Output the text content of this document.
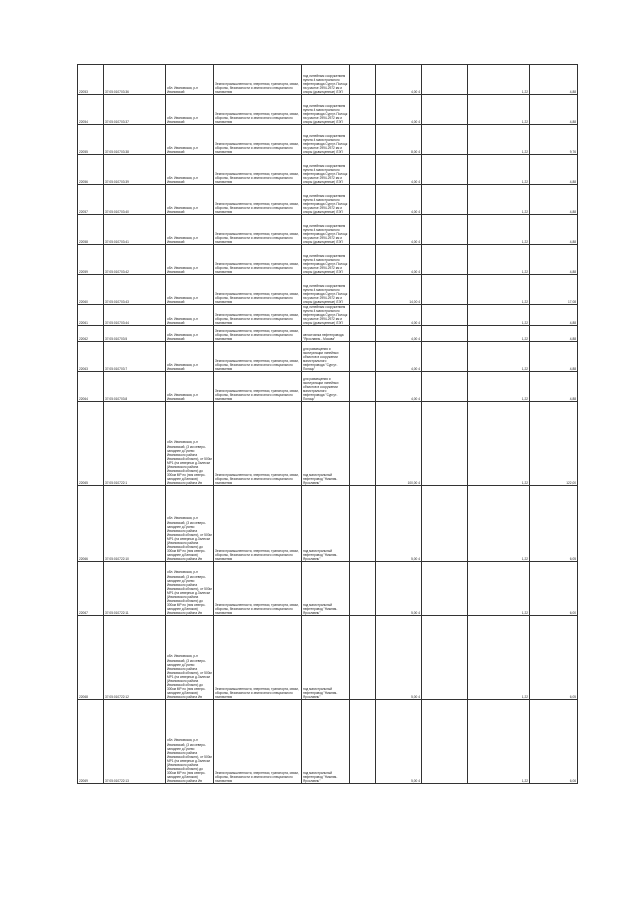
22053	37:05:010703:36	обл. Ивановская, р-н Ивановский	Земли промышленности, энергетики, транспорта, связи, обороны, безопасности и земли иного специального назначения	под линейным сооружением пункта 4 магистрального нефтепровода Сургут-Полоцк на участке 2994-2972 км и опоры (дьвжтцепные) ЛЭП		4,00 4		1,22	4,88
22054	37:05:010703:37	обл. Ивановская, р-н Ивановский	Земли промышленности, энергетики, транспорта, связи, обороны, безопасности и земли иного специального назначения	под линейным сооружением пункта 4 магистрального нефтепровода Сургут-Полоцк на участке 2994-2972 км и опоры (дьвжтцепные) ЛЭП		4,00 4		1,22	4,88
22055	37:05:010703:38	обл. Ивановская, р-н Ивановский	Земли промышленности, энергетики, транспорта, связи, обороны, безопасности и земли иного специального назначения	под линейным сооружением пункта 4 магистрального нефтепровода Сургут-Полоцк на участке 2994-2972 км и опоры (дьвжтцепные) ЛЭП		8,00 4		1,22	9,76
22056	37:05:010703:39	обл. Ивановская, р-н Ивановский	Земли промышленности, энергетики, транспорта, связи, обороны, безопасности и земли иного специального назначения	под линейным сооружением пункта 4 магистрального нефтепровода Сургут-Полоцк на участке 2994-2972 км и опоры (дьвжтцепные) ЛЭП		4,00 4		1,22	4,88
22057	37:05:010703:40	обл. Ивановская, р-н Ивановский	Земли промышленности, энергетики, транспорта, связи, обороны, безопасности и земли иного специального назначения	под линейным сооружением пункта 4 магистрального нефтепровода Сургут-Полоцк на участке 2994-2972 км и опоры (дьвжтцепные) ЛЭП		4,00 4		1,22	4,88
22058	37:05:010703:41	обл. Ивановская, р-н Ивановский	Земли промышленности, энергетики, транспорта, связи, обороны, безопасности и земли иного специального назначения	под линейным сооружением пункта 4 магистрального нефтепровода Сургут-Полоцк на участке 2994-2972 км и опоры (дьвжтцепные) ЛЭП		4,00 4		1,22	4,88
22059	37:05:010703:42	обл. Ивановская, р-н Ивановский	Земли промышленности, энергетики, транспорта, связи, обороны, безопасности и земли иного специального назначения	под линейным сооружением пункта 4 магистрального нефтепровода Сургут-Полоцк на участке 2994-2972 км и опоры (дьвжтцепные) ЛЭП		4,00 4		1,22	4,88
22060	37:05:010703:43	обл. Ивановская, р-н Ивановский	Земли промышленности, энергетики, транспорта, связи, обороны, безопасности и земли иного специального назначения	под линейным сооружением пункта 4 магистрального нефтепровода Сургут-Полоцк на участке 2994-2972 км и опоры (дьвжтцепные) ЛЭП		14,00 4		1,22	17,08
22061	37:05:010703:44	обл. Ивановская, р-н Ивановский	Земли промышленности, энергетики, транспорта, связи, обороны, безопасности и земли иного специального назначения	под линейным сооружением пункта 4 магистрального нефтепровода Сургут-Полоцк на участке 2994-2972 км и опоры (дьвжтцепные) ЛЭП		4,00 4		1,22	4,88
22062	37:05:010703:5	обл. Ивановская, р-н Ивановский	Земли промышленности, энергетики, транспорта, связи, обороны, безопасности и земли иного специального назначения	автостоянка нефтепровода "Ярославль - Москва"		4,00 4		1,22	4,88
22063	37:05:010703:7	обл. Ивановская, р-н Ивановский	Земли промышленности, энергетики, транспорта, связи, обороны, безопасности и земли иного специального назначения	для размещения и эксплуатации линейных объектов в сооружении магистрального нефтепровода "Сургут-Полоцк"		4,00 4		1,22	4,88
22064	37:05:010703:8	обл. Ивановская, р-н Ивановский	Земли промышленности, энергетики, транспорта, связи, обороны, безопасности и земли иного специального назначения	для размещения и эксплуатации линейных объектов в сооружении магистрального нефтепровода "Сургут-Полоцк"		4,00 4		1,22	4,88
22065	37:05:010722:1	обл. Ивановская, р-н Ивановский, (3 км северо-западнее д.Гусево Ивановского района Ивановской области), от 500м МР1 (на северных д.Залесье (Ивановского района Ивановской области) до 300км МР по (ния северо-западнее д.Беляков) Ивановского района Ив	Земли промышленности, энергетики, транспорта, связи, обороны, безопасности и земли иного специального назначения	под магистральный нефтепровод "Нижняя-Ярославль"		100,00 4		1,22	122,00
22066	37:05:010722:10	обл. Ивановская, р-н Ивановский, (3 км северо-западнее д.Гусево Ивановского района Ивановской области), от 500м МР1 (на северных д.Залесье (Ивановского района Ивановской области) до 300км МР по (ния северо-западнее д.Беляков) Ивановского района Ив	Земли промышленности, энергетики, транспорта, связи, обороны, безопасности и земли иного специального назначения	под магистральный нефтепровод "Нижняя-Ярославль"		5,00 4		1,22	6,05
22067	37:05:010722:11	обл. Ивановская, р-н Ивановский, (3 км северо-западнее д.Гусево Ивановского района Ивановской области), от 500м МР1 (на северных д.Залесье (Ивановского района Ивановской области) до 300км МР по (ния северо-западнее д.Беляков) Ивановского района Ив	Земли промышленности, энергетики, транспорта, связи, обороны, безопасности и земли иного специального назначения	под магистральный нефтепровод "Нижняя-Ярославль"		5,00 4		1,22	6,00
22068	37:05:010722:12	обл. Ивановская, р-н Ивановский, (3 км северо-западнее д.Гусево Ивановского района Ивановской области), от 500м МР1 (на северных д.Залесье (Ивановского района Ивановской области) до 300км МР по (ния северо-западнее д.Беляков) Ивановского района Ив	Земли промышленности, энергетики, транспорта, связи, обороны, безопасности и земли иного специального назначения	под магистральный нефтепровод "Нижняя-Ярославль"		5,00 4		1,22	6,05
22069	37:05:010722:13	обл. Ивановская, р-н Ивановский, (3 км северо-западнее д.Гусево Ивановского района Ивановской области), от 500м МР1 (на северных д.Залесье (Ивановского района Ивановской области) до 300км МР по (ния северо-западнее д.Беляков) Ивановского района Ив	Земли промышленности, энергетики, транспорта, связи, обороны, безопасности и земли иного специального назначения	под магистральный нефтепровод "Нижняя-Ярославль"		5,00 4		1,22	6,06
